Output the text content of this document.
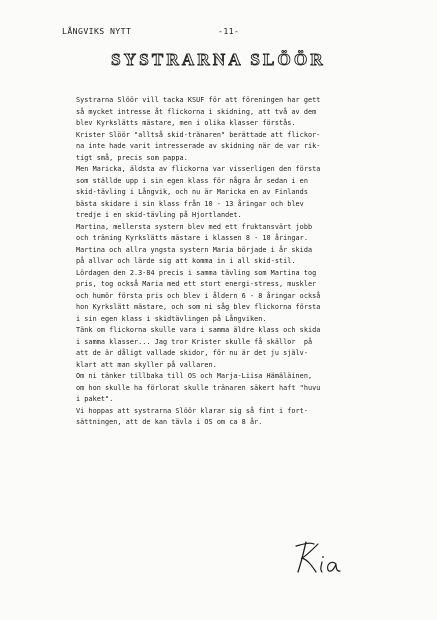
LÅNGVIKS NYTT	-11-
SYSTRARNA SLÖÖR
Systrarna Slöör vill tacka KSUF för att föreningen har gett
så mycket intresse åt flickorna i skidning, att två av dem
blev Kyrkslätts mästare, men i olika klasser förstås.
Krister Slöör "alltså skid-tränaren" berättade att flickor-
na inte hade varit intresserade av skidning när de var rik-
tigt små, precis som pappa.
Men Maricka, äldsta av flickorna var visserligen den första
som ställde upp i sin egen klass för några år sedan i en
skid-tävling i Långvik, och nu är Maricka en av Finlands
bästa skidare i sin klass från 10 - 13 åringar och blev
tredje i en skid-tävling på Hjortlandet.
Martina, mellersta systern blev med ett fruktansvärt jobb
och träning Kyrkslätts mästare i klassen 8 - 10 åringar.
Martina och allra yngsta systern Maria började i år skida
på allvar och lärde sig att komma in i all skid-stil.
Lördagen den 2.3-84 precis i samma tävling som Martina tog
pris, tog också Maria med ett stort energi-stress, muskler
och humör första pris och blev i åldern 6 - 8 åringar också
hon Kyrkslätt mästare, och som ni såg blev flickorna första
i sin egen klass i skidtävlingen på Långviken.
Tänk om flickorna skulle vara i samma äldre klass och skida
i samma klasser... Jag tror Krister skulle få skällor  på
att de är dåligt vallade skidor, för nu är det ju själv-
klart att man skyller på vallaren.
Om ni tänker tillbaka till OS och Marja-Liisa Hämäläinen,
om hon skulle ha förlorat skulle tränaren säkert haft "huvu
i paket".
Vi hoppas att systrarna Slöör klarar sig så fint i fort-
sättningen, att de kan tävla i OS om ca 8 år.
